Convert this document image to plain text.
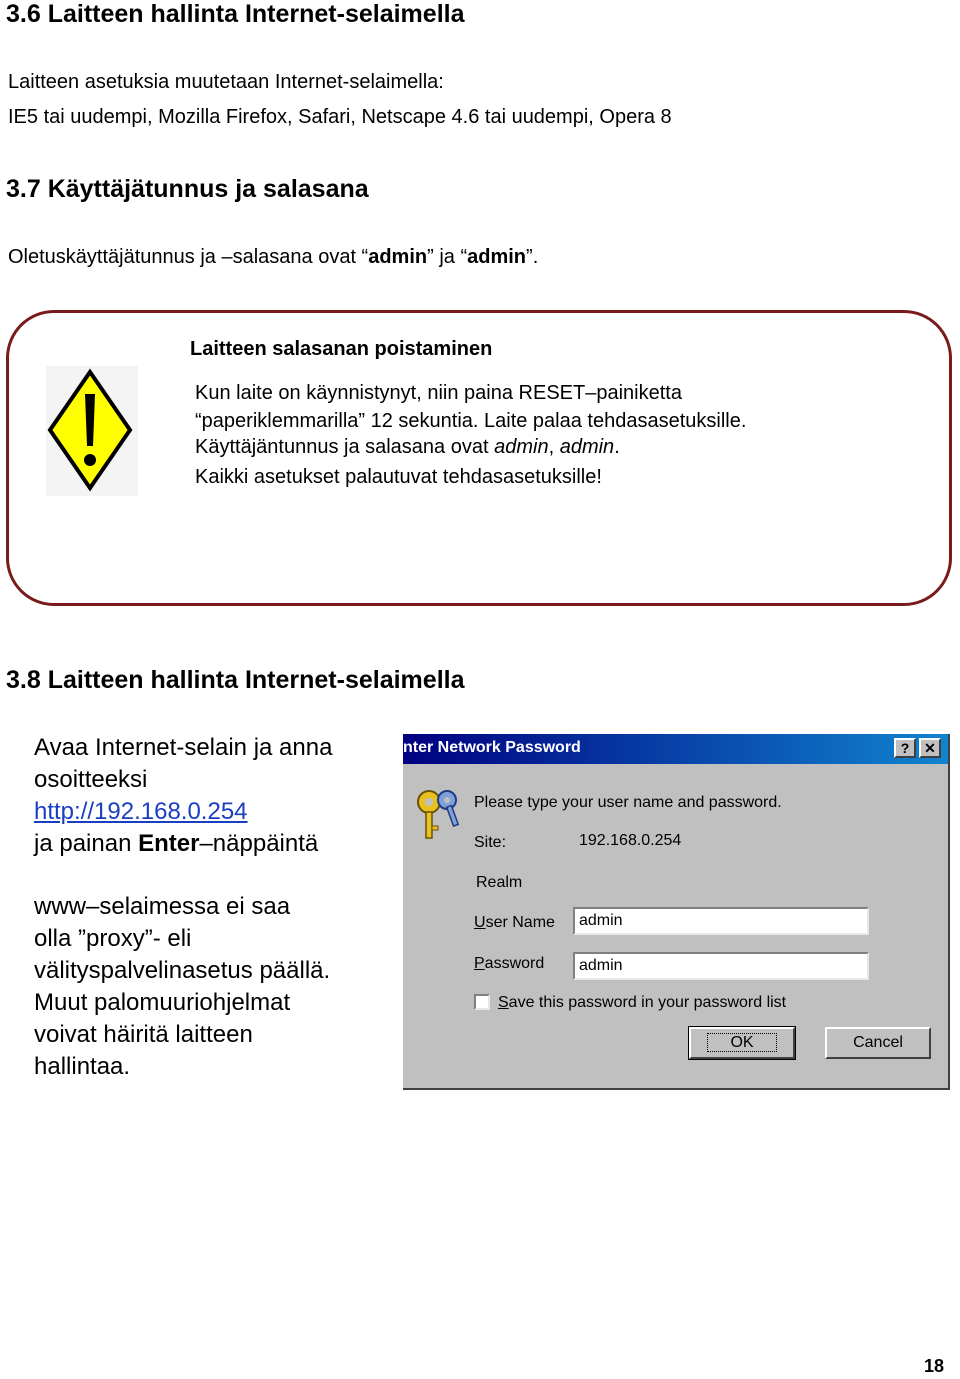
3.6 Laitteen hallinta Internet-selaimella

Laitteen asetuksia muutetaan Internet-selaimella:

IE5 tai uudempi, Mozilla Firefox, Safari, Netscape 4.6 tai uudempi, Opera 8

3.7 Käyttäjätunnus ja salasana

Oletuskäyttäjätunnus ja –salasana ovat “admin” ja “admin”.

Laitteen salasanan poistaminen

Kun laite on käynnistynyt, niin paina RESET–painiketta

“paperiklemmarilla” 12 sekuntia. Laite palaa tehdasasetuksille.

Käyttäjäntunnus ja salasana ovat admin, admin.

Kaikki asetukset palautuvat tehdasasetuksille!

3.8 Laitteen hallinta Internet-selaimella

Avaa Internet-selain ja anna

osoitteeksi

http://192.168.0.254

ja painan Enter–näppäintä

www–selaimessa ei saa

olla ”proxy”- eli

välityspalvelinasetus päällä.

Muut palomuuriohjelmat

voivat häiritä laitteen

hallintaa.

nter Network Password	?	✕
Please type your user name and password.
Site:	192.168.0.254
Realm
User Name	admin
Password	admin
Save this password in your password list
OK	Cancel

18
